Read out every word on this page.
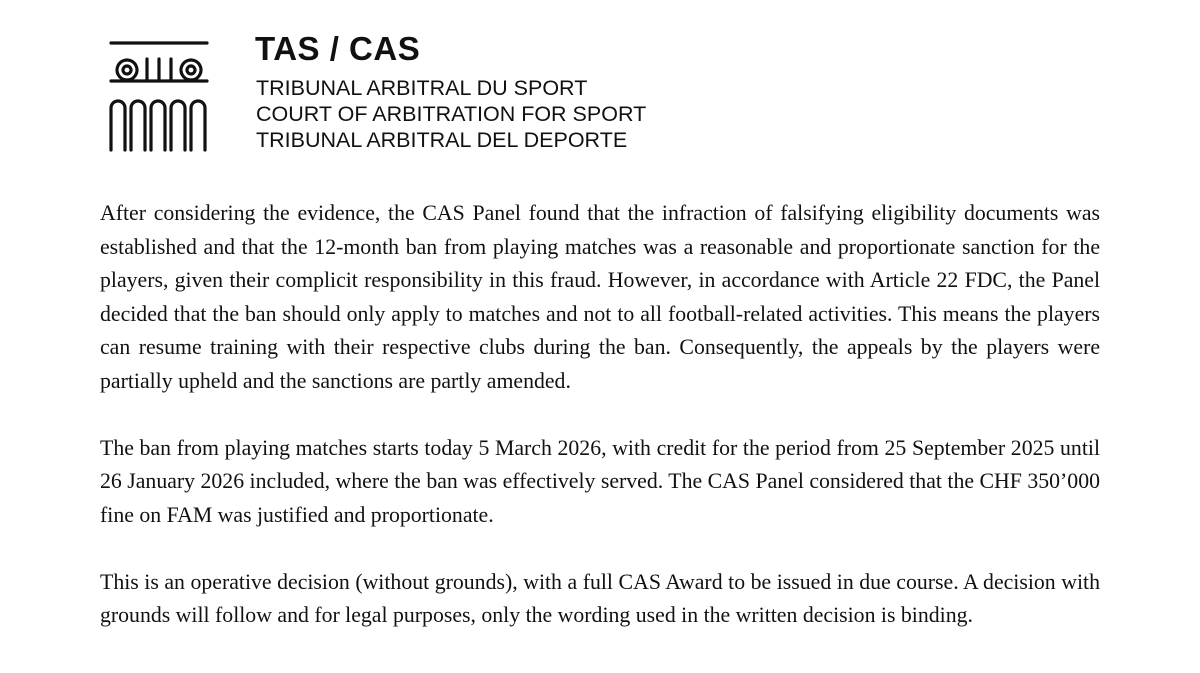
TAS / CAS
TRIBUNAL ARBITRAL DU SPORT
COURT OF ARBITRATION FOR SPORT
TRIBUNAL ARBITRAL DEL DEPORTE

After considering the evidence, the CAS Panel found that the infraction of falsifying eligibility documents was established and that the 12-month ban from playing matches was a reasonable and proportionate sanction for the players, given their complicit responsibility in this fraud. However, in accordance with Article 22 FDC, the Panel decided that the ban should only apply to matches and not to all football-related activities. This means the players can resume training with their respective clubs during the ban. Consequently, the appeals by the players were partially upheld and the sanctions are partly amended.

The ban from playing matches starts today 5 March 2026, with credit for the period from 25 September 2025 until 26 January 2026 included, where the ban was effectively served. The CAS Panel considered that the CHF 350’000 fine on FAM was justified and proportionate.

This is an operative decision (without grounds), with a full CAS Award to be issued in due course. A decision with grounds will follow and for legal purposes, only the wording used in the written decision is binding.
